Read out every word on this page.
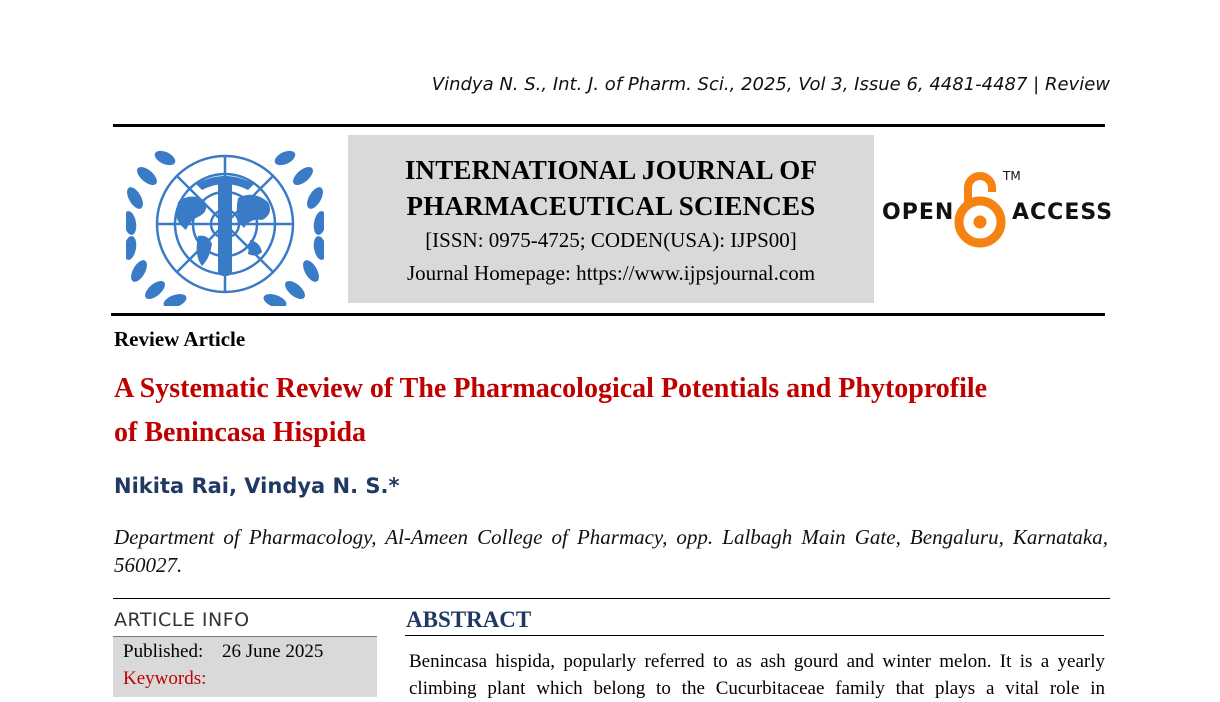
Vindya N. S., Int. J. of Pharm. Sci., 2025, Vol 3, Issue 6, 4481-4487 | Review
INTERNATIONAL JOURNAL OF
PHARMACEUTICAL SCIENCES
[ISSN: 0975-4725; CODEN(USA): IJPS00]
Journal Homepage: https://www.ijpsjournal.com
OPEN
TM
ACCESS
Review Article
A Systematic Review of The Pharmacological Potentials and Phytoprofile of Benincasa Hispida
Nikita Rai, Vindya N. S.*
Department of Pharmacology, Al-Ameen College of Pharmacy, opp. Lalbagh Main Gate, Bengaluru, Karnataka, 560027.
ARTICLE INFO
Published: 26 June 2025
Keywords:
ABSTRACT
Benincasa hispida, popularly referred to as ash gourd and winter melon. It is a yearly climbing plant which belong to the Cucurbitaceae family that plays a vital role in
